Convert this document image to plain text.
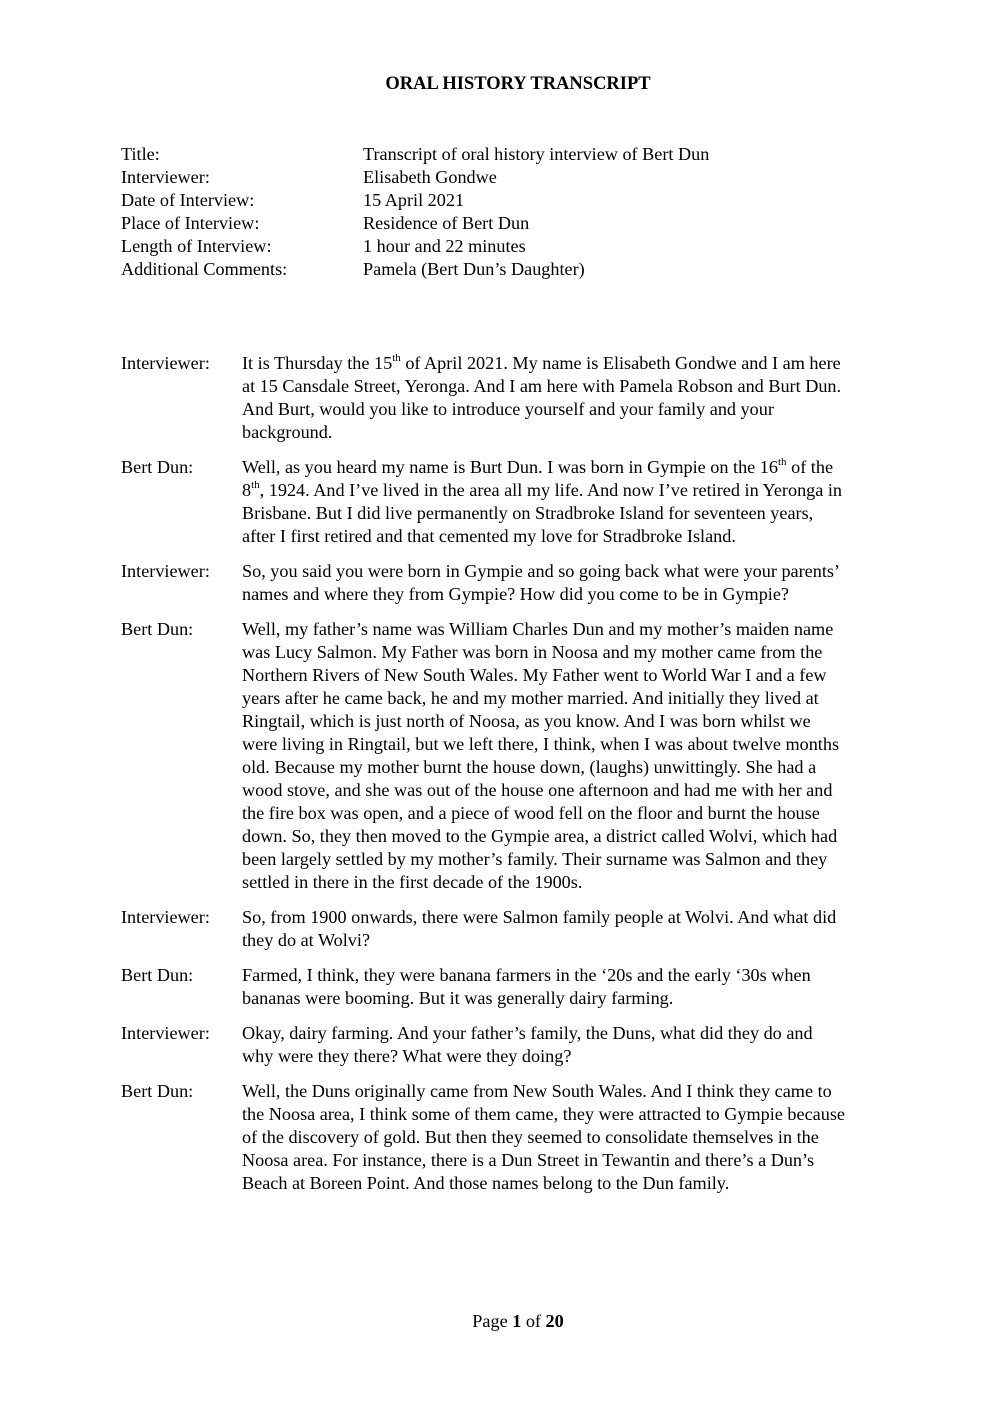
ORAL HISTORY TRANSCRIPT
Title:	Transcript of oral history interview of Bert Dun
Interviewer:	Elisabeth Gondwe
Date of Interview:	15 April 2021
Place of Interview:	Residence of Bert Dun
Length of Interview:	1 hour and 22 minutes
Additional Comments:	Pamela (Bert Dun’s Daughter)
Interviewer:	It is Thursday the 15th of April 2021. My name is Elisabeth Gondwe and I am here
at 15 Cansdale Street, Yeronga. And I am here with Pamela Robson and Burt Dun.
And Burt, would you like to introduce yourself and your family and your
background.
Bert Dun:	Well, as you heard my name is Burt Dun. I was born in Gympie on the 16th of the
8th, 1924. And I’ve lived in the area all my life. And now I’ve retired in Yeronga in
Brisbane. But I did live permanently on Stradbroke Island for seventeen years,
after I first retired and that cemented my love for Stradbroke Island.
Interviewer:	So, you said you were born in Gympie and so going back what were your parents’
names and where they from Gympie? How did you come to be in Gympie?
Bert Dun:	Well, my father’s name was William Charles Dun and my mother’s maiden name
was Lucy Salmon. My Father was born in Noosa and my mother came from the
Northern Rivers of New South Wales. My Father went to World War I and a few
years after he came back, he and my mother married. And initially they lived at
Ringtail, which is just north of Noosa, as you know. And I was born whilst we
were living in Ringtail, but we left there, I think, when I was about twelve months
old. Because my mother burnt the house down, (laughs) unwittingly. She had a
wood stove, and she was out of the house one afternoon and had me with her and
the fire box was open, and a piece of wood fell on the floor and burnt the house
down. So, they then moved to the Gympie area, a district called Wolvi, which had
been largely settled by my mother’s family. Their surname was Salmon and they
settled in there in the first decade of the 1900s.
Interviewer:	So, from 1900 onwards, there were Salmon family people at Wolvi. And what did
they do at Wolvi?
Bert Dun:	Farmed, I think, they were banana farmers in the ‘20s and the early ‘30s when
bananas were booming. But it was generally dairy farming.
Interviewer:	Okay, dairy farming. And your father’s family, the Duns, what did they do and
why were they there? What were they doing?
Bert Dun:	Well, the Duns originally came from New South Wales. And I think they came to
the Noosa area, I think some of them came, they were attracted to Gympie because
of the discovery of gold. But then they seemed to consolidate themselves in the
Noosa area. For instance, there is a Dun Street in Tewantin and there’s a Dun’s
Beach at Boreen Point. And those names belong to the Dun family.
Page 1 of 20
